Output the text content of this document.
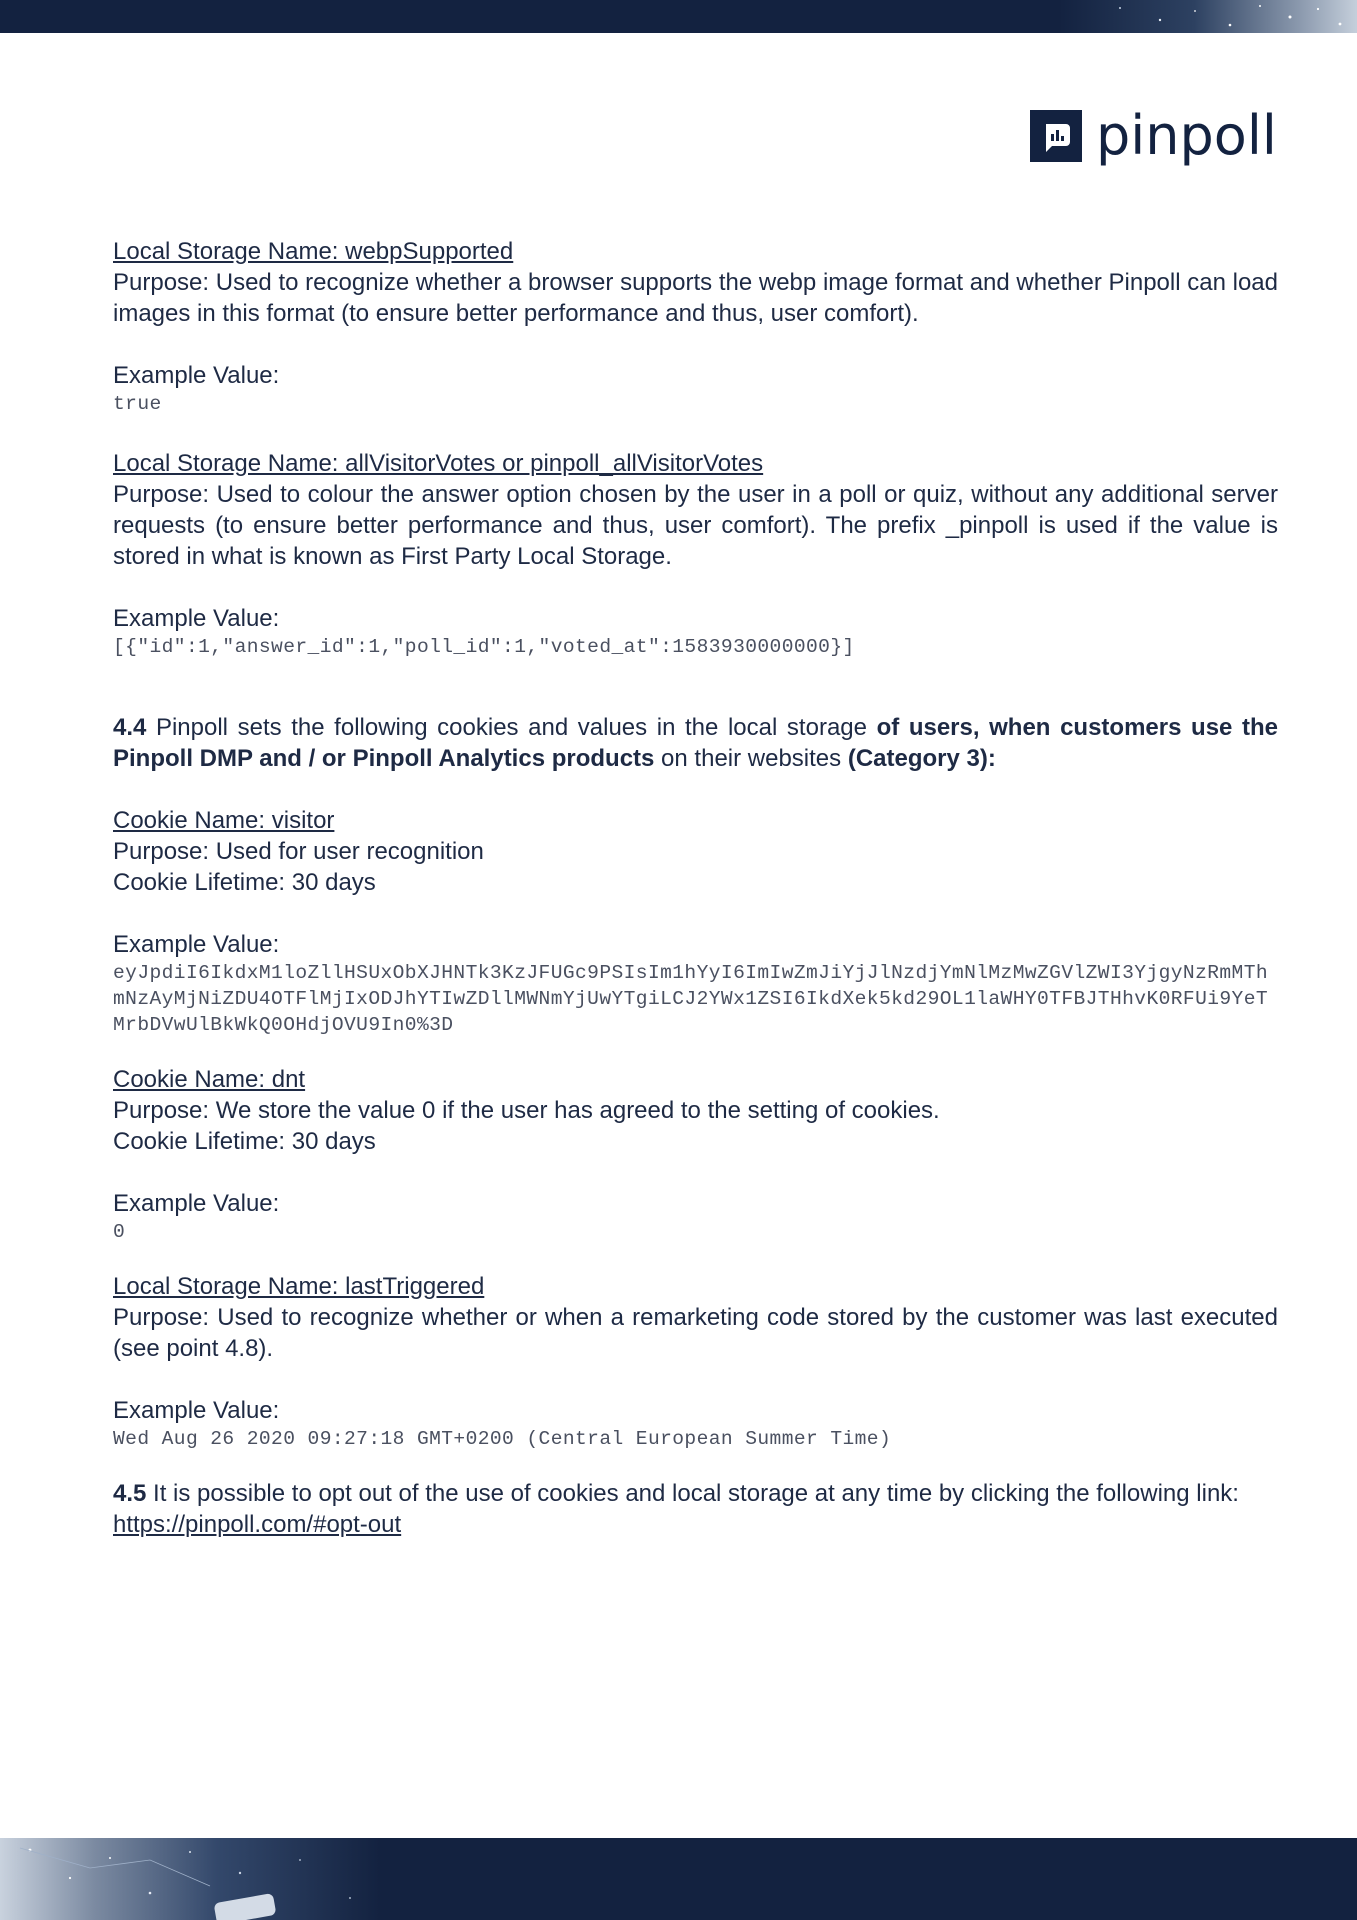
pinpoll

Local Storage Name: webpSupported

Purpose: Used to recognize whether a browser supports the webp image format and whether Pinpoll can load images in this format (to ensure better performance and thus, user comfort).

Example Value:

true

Local Storage Name: allVisitorVotes or pinpoll_allVisitorVotes

Purpose: Used to colour the answer option chosen by the user in a poll or quiz, without any additional server requests (to ensure better performance and thus, user comfort). The prefix _pinpoll is used if the value is stored in what is known as First Party Local Storage.

Example Value:

[{"id":1,"answer_id":1,"poll_id":1,"voted_at":1583930000000}]

4.4 Pinpoll sets the following cookies and values in the local storage of users, when customers use the Pinpoll DMP and / or Pinpoll Analytics products on their websites (Category 3):

Cookie Name: visitor

Purpose: Used for user recognition

Cookie Lifetime: 30 days

Example Value:

eyJpdiI6IkdxM1loZllHSUxObXJHNTk3KzJFUGc9PSIsIm1hYyI6ImIwZmJiYjJlNzdjYmNlMzMwZGVlZWI3YjgyNzRmMThmNzAyMjNiZDU4OTFlMjIxODJhYTIwZDllMWNmYjUwYTgiLCJ2YWx1ZSI6IkdXek5kd29OL1laWHY0TFBJTHhvK0RFUi9YeTMrbDVwUlBkWkQ0OHdjOVU9In0%3D

Cookie Name: dnt

Purpose: We store the value 0 if the user has agreed to the setting of cookies.

Cookie Lifetime: 30 days

Example Value:

0

Local Storage Name: lastTriggered

Purpose: Used to recognize whether or when a remarketing code stored by the customer was last executed (see point 4.8).

Example Value:

Wed Aug 26 2020 09:27:18 GMT+0200 (Central European Summer Time)

4.5 It is possible to opt out of the use of cookies and local storage at any time by clicking the following link: https://pinpoll.com/#opt-out
